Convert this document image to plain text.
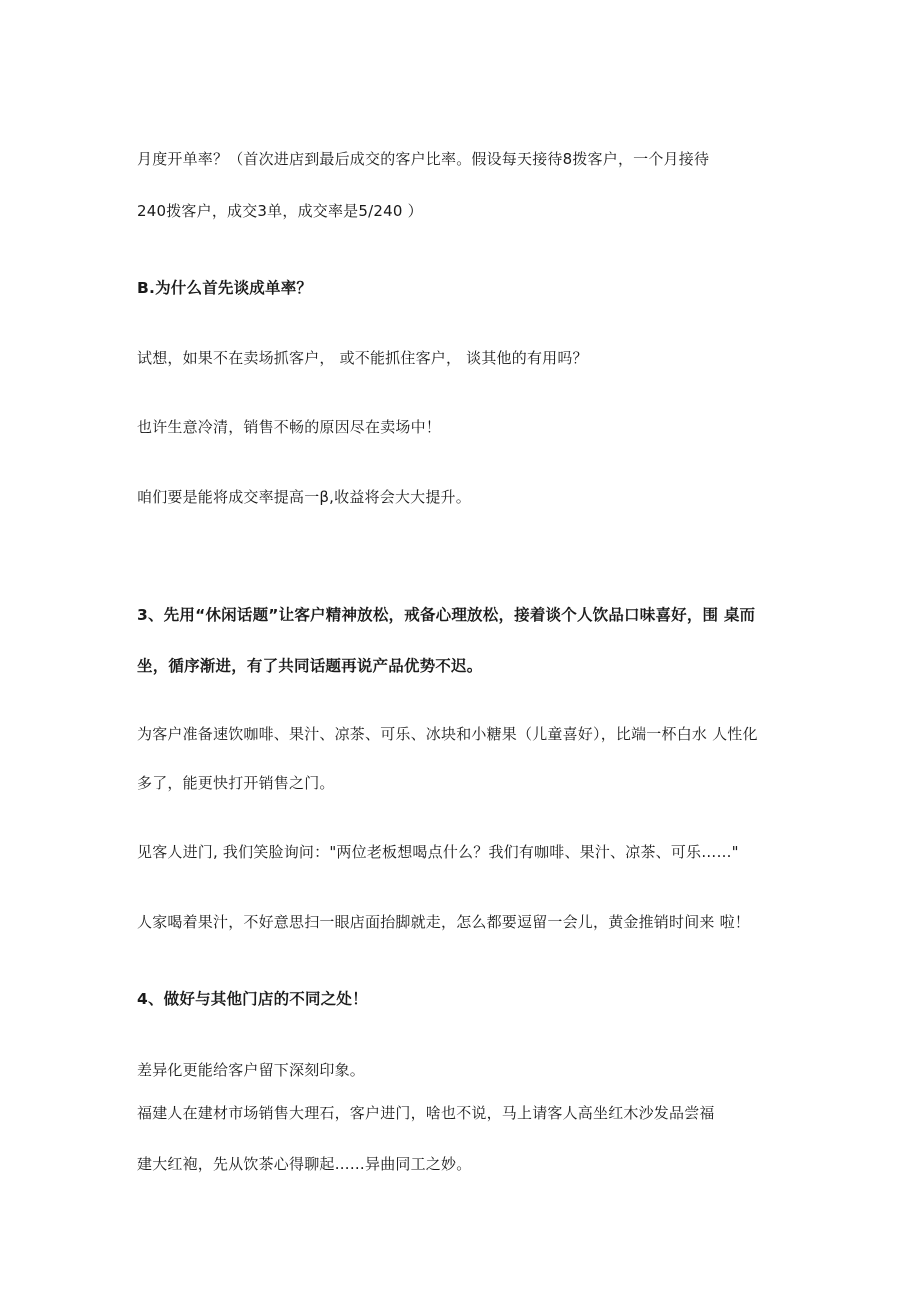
月度开单率？（首次进店到最后成交的客户比率。假设每天接待8拨客户，一个月接待
240拨客户，成交3单，成交率是5/240 ）
B.为什么首先谈成单率？
试想，如果不在卖场抓客户， 或不能抓住客户， 谈其他的有用吗？
也许生意冷清，销售不畅的原因尽在卖场中！
咱们要是能将成交率提高一β,收益将会大大提升。
3、先用“休闲话题”让客户精神放松，戒备心理放松，接着谈个人饮品口味喜好，围 桌而
坐，循序渐进，有了共同话题再说产品优势不迟。
为客户准备速饮咖啡、果汁、凉茶、可乐、冰块和小糖果（儿童喜好），比端一杯白水 人性化
多了，能更快打开销售之门。
见客人进门, 我们笑脸询问："两位老板想喝点什么？我们有咖啡、果汁、凉茶、可乐……"
人家喝着果汁，不好意思扫一眼店面抬脚就走，怎么都要逗留一会儿，黄金推销时间来 啦！
4、做好与其他门店的不同之处！
差异化更能给客户留下深刻印象。
福建人在建材市场销售大理石，客户进门，啥也不说，马上请客人高坐红木沙发品尝福
建大红袍，先从饮茶心得聊起……异曲同工之妙。
